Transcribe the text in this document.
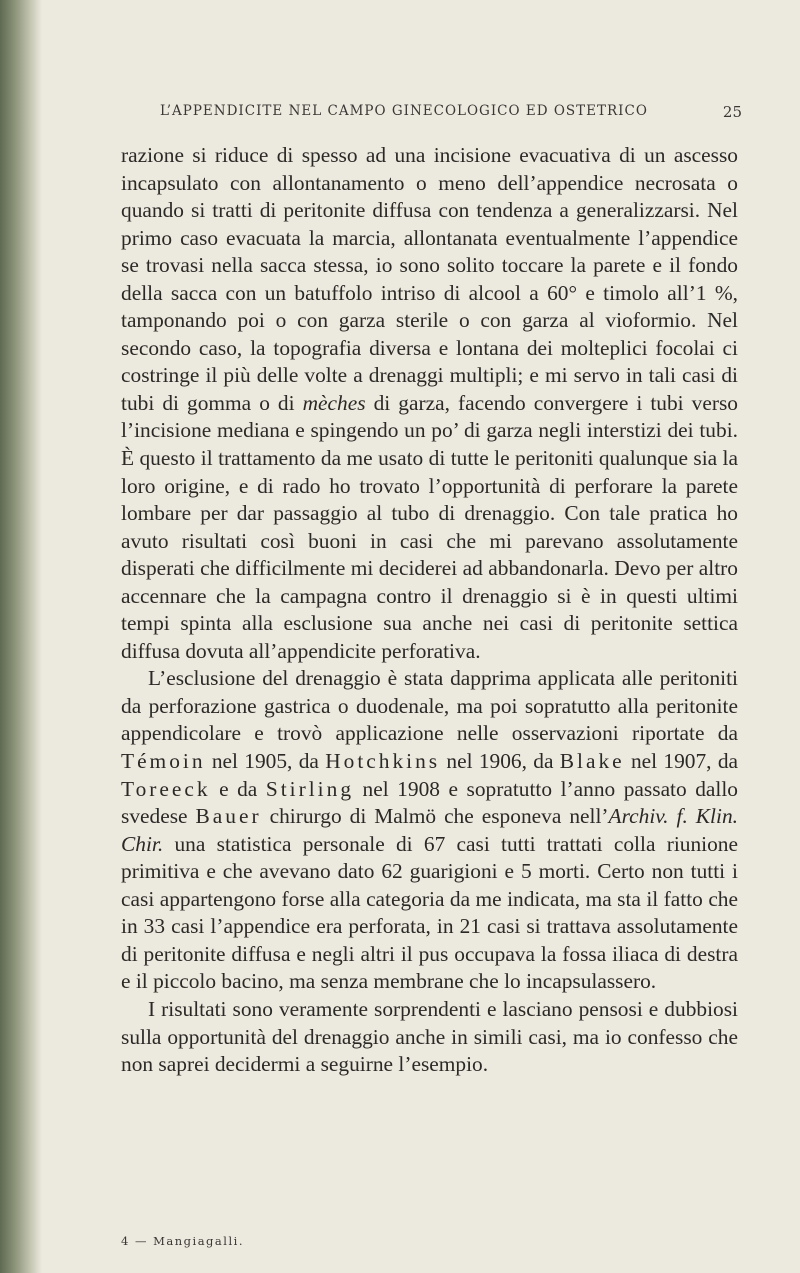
L’APPENDICITE NEL CAMPO GINECOLOGICO ED OSTETRICO	25

razione si riduce di spesso ad una incisione evacuativa di un ascesso incapsulato con allontanamento o meno dell’appendice necrosata o quando si tratti di peritonite diffusa con tendenza a generalizzarsi. Nel primo caso evacuata la marcia, allontanata eventualmente l’appendice se trovasi nella sacca stessa, io sono solito toccare la parete e il fondo della sacca con un batuffolo intriso di alcool a 60° e timolo all’1 %, tamponando poi o con garza sterile o con garza al vioformio. Nel secondo caso, la topografia diversa e lontana dei molteplici focolai ci costringe il più delle volte a drenaggi multipli; e mi servo in tali casi di tubi di gomma o di mèches di garza, facendo convergere i tubi verso l’incisione mediana e spingendo un po’ di garza negli interstizi dei tubi. È questo il trattamento da me usato di tutte le peritoniti qualunque sia la loro origine, e di rado ho trovato l’opportunità di perforare la parete lombare per dar passaggio al tubo di drenaggio. Con tale pratica ho avuto risultati così buoni in casi che mi parevano assolutamente disperati che difficilmente mi deciderei ad abbandonarla. Devo per altro accennare che la campagna contro il drenaggio si è in questi ultimi tempi spinta alla esclusione sua anche nei casi di peritonite settica diffusa dovuta all’appendicite perforativa.

L’esclusione del drenaggio è stata dapprima applicata alle peritoniti da perforazione gastrica o duodenale, ma poi sopratutto alla peritonite appendicolare e trovò applicazione nelle osservazioni riportate da Témoin nel 1905, da Hotchkins nel 1906, da Blake nel 1907, da Toreeck e da Stirling nel 1908 e sopratutto l’anno passato dallo svedese Bauer chirurgo di Malmö che esponeva nell’Archiv. f. Klin. Chir. una statistica personale di 67 casi tutti trattati colla riunione primitiva e che avevano dato 62 guarigioni e 5 morti. Certo non tutti i casi appartengono forse alla categoria da me indicata, ma sta il fatto che in 33 casi l’appendice era perforata, in 21 casi si trattava assolutamente di peritonite diffusa e negli altri il pus occupava la fossa iliaca di destra e il piccolo bacino, ma senza membrane che lo incapsulassero.

I risultati sono veramente sorprendenti e lasciano pensosi e dubbiosi sulla opportunità del drenaggio anche in simili casi, ma io confesso che non saprei decidermi a seguirne l’esempio.

4 — Mangiagalli.
